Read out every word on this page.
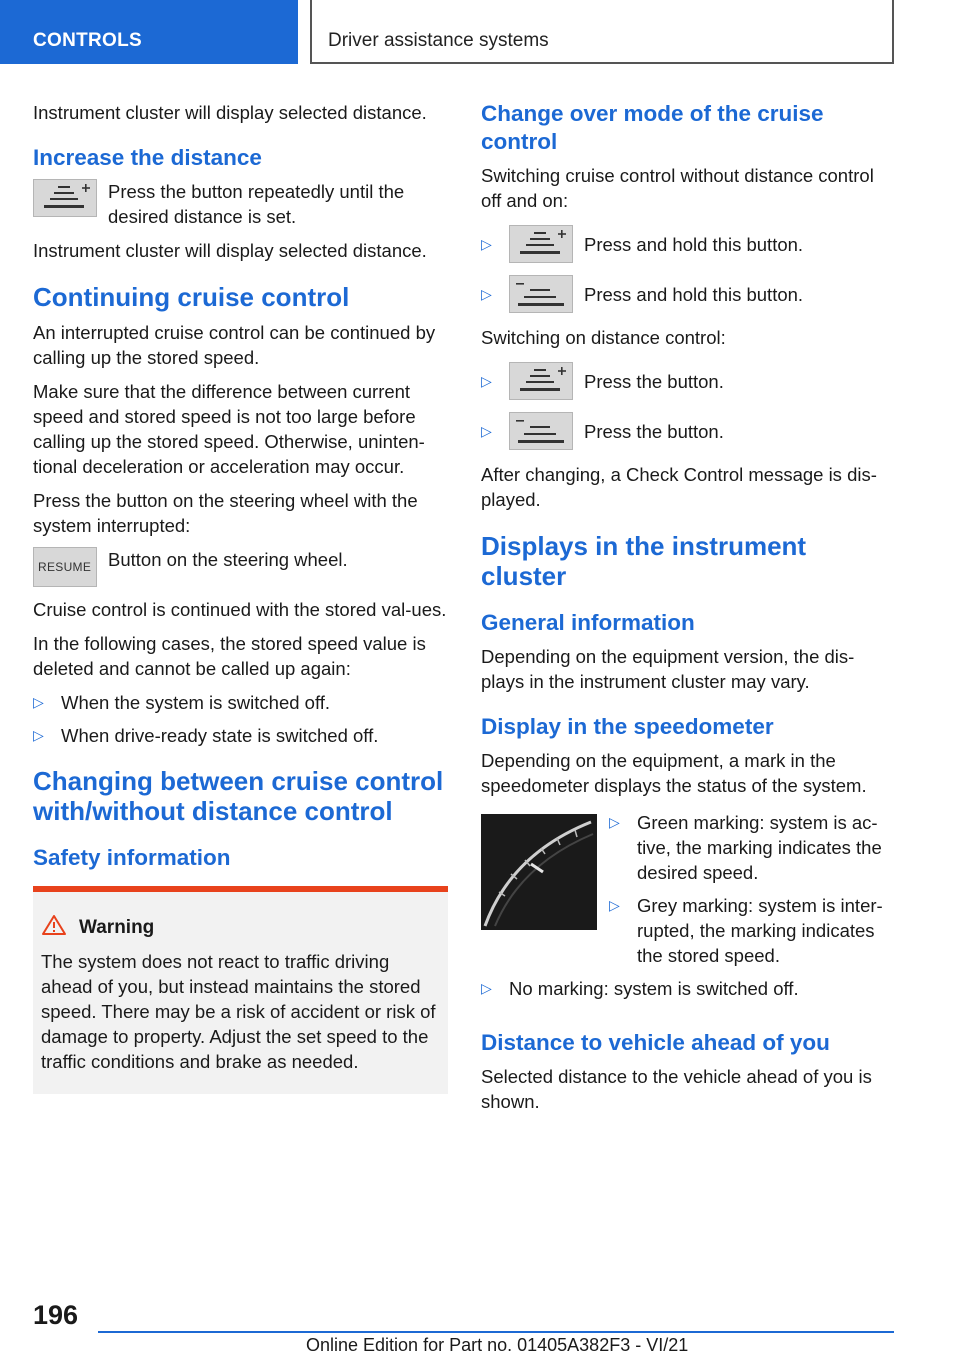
CONTROLS	Driver assistance systems

Instrument cluster will display selected distance.

Increase the distance
Press the button repeatedly until the desired distance is set.

Instrument cluster will display selected distance.

Continuing cruise control

An interrupted cruise control can be continued by calling up the stored speed.

Make sure that the difference between current speed and stored speed is not too large before calling up the stored speed. Otherwise, uninten-tional deceleration or acceleration may occur.

Press the button on the steering wheel with the system interrupted:

RESUME Button on the steering wheel.

Cruise control is continued with the stored val-ues.

In the following cases, the stored speed value is deleted and cannot be called up again:

▷ When the system is switched off.
▷ When drive-ready state is switched off.
Changing between cruise control with/without distance control
Safety information
Warning

The system does not react to traffic driving ahead of you, but instead maintains the stored speed. There may be a risk of accident or risk of damage to property. Adjust the set speed to the traffic conditions and brake as needed.

Change over mode of the cruise control

Switching cruise control without distance control off and on:

▷	Press and hold this button.
▷	Press and hold this button.

Switching on distance control:

▷	Press the button.
▷	Press the button.

After changing, a Check Control message is dis-played.

Displays in the instrument cluster
General information

Depending on the equipment version, the dis-plays in the instrument cluster may vary.

Display in the speedometer

Depending on the equipment, a mark in the speedometer displays the status of the system.

▷ Green marking: system is ac-tive, the marking indicates the desired speed.
▷ Grey marking: system is inter-rupted, the marking indicates the stored speed.
▷ No marking: system is switched off.
Distance to vehicle ahead of you

Selected distance to the vehicle ahead of you is shown.

196
Online Edition for Part no. 01405A382F3 - VI/21
